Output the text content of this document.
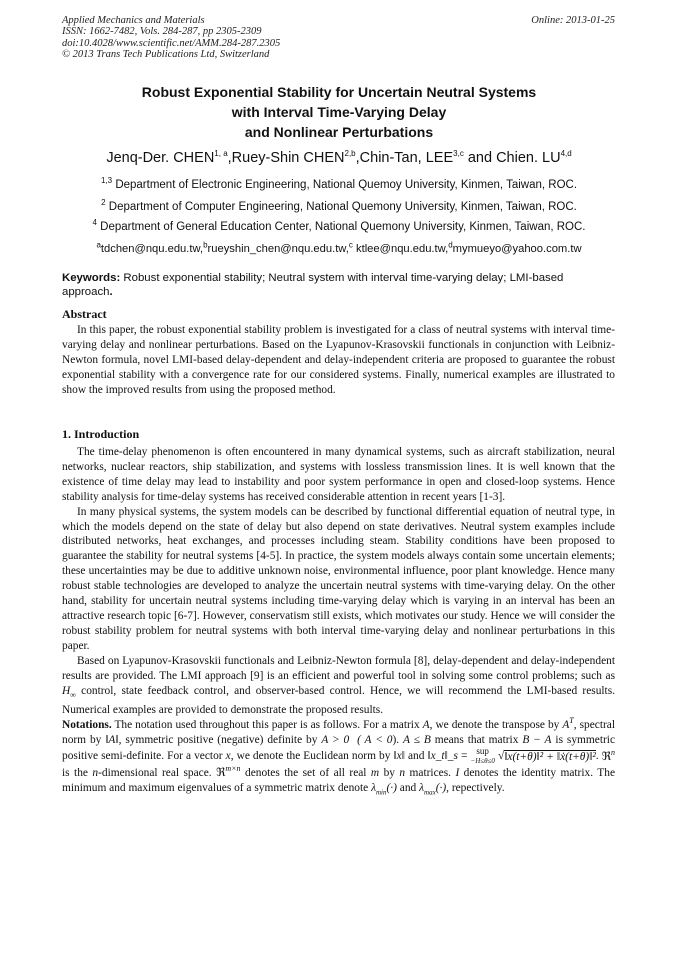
Applied Mechanics and Materials
ISSN: 1662-7482, Vols. 284-287, pp 2305-2309
doi:10.4028/www.scientific.net/AMM.284-287.2305
© 2013 Trans Tech Publications Ltd, Switzerland
Online: 2013-01-25
Robust Exponential Stability for Uncertain Neutral Systems
with Interval Time-Varying Delay
and Nonlinear Perturbations
Jenq-Der. CHEN$^{1, a}$,Ruey-Shin CHEN$^{2,b}$,Chin-Tan, LEE$^{3,c}$ and Chien. LU$^{4,d}$
$^{1,3}$ Department of Electronic Engineering, National Quemoy University, Kinmen, Taiwan, ROC.
$^2$ Department of Computer Engineering, National Quemony University, Kinmen, Taiwan, ROC.
$^4$ Department of General Education Center, National Quemony University, Kinmen, Taiwan, ROC.
$^a$tdchen@nqu.edu.tw,$^b$rueyshin_chen@nqu.edu.tw,$^c$ ktlee@nqu.edu.tw,$^d$mymueyo@yahoo.com.tw
Keywords: Robust exponential stability; Neutral system with interval time-varying delay; LMI-based approach.
Abstract

In this paper, the robust exponential stability problem is investigated for a class of neutral systems with interval time-varying delay and nonlinear perturbations. Based on the Lyapunov-Krasovskii functionals in conjunction with Leibniz-Newton formula, novel LMI-based delay-dependent and delay-independent criteria are proposed to guarantee the robust exponential stability with a convergence rate for our considered systems. Finally, numerical examples are illustrated to show the improved results from using the proposed method.

1. Introduction

The time-delay phenomenon is often encountered in many dynamical systems, such as aircraft stabilization, neural networks, nuclear reactors, ship stabilization, and systems with lossless transmission lines. It is well known that the existence of time delay may lead to instability and poor system performance in open and closed-loop systems. Hence stability analysis for time-delay systems has received considerable attention in recent years [1-3].

In many physical systems, the system models can be described by functional differential equation of neutral type, in which the models depend on the state of delay but also depend on state derivatives. Neutral system examples include distributed networks, heat exchanges, and processes including steam. Stability conditions have been proposed to guarantee the stability for neutral systems [4-5]. In practice, the system models always contain some uncertain elements; these uncertainties may be due to additive unknown noise, environmental influence, poor plant knowledge. Hence many robust stable technologies are developed to analyze the uncertain neutral systems with time-varying delay. On the other hand, stability for uncertain neutral systems including time-varying delay which is varying in an interval has been an attractive research topic [6-7]. However, conservatism still exists, which motivates our study. Hence we will consider the robust stability problem for neutral systems with both interval time-varying delay and nonlinear perturbations in this paper.

Based on Lyapunov-Krasovskii functionals and Leibniz-Newton formula [8], delay-dependent and delay-independent results are provided. The LMI approach [9] is an efficient and powerful tool in solving some control problems; such as $H_\infty$ control, state feedback control, and observer-based control. Hence, we will recommend the LMI-based results. Numerical examples are provided to demonstrate the proposed results.

Notations. The notation used throughout this paper is as follows. For a matrix A, we denote the transpose by $A^T$, spectral norm by ‖A‖, symmetric positive (negative) definite by A > 0 ( A < 0). A ≤ B means that matrix B − A is symmetric positive semi-definite. For a vector x, we denote the Euclidean norm by ‖x‖ and ‖x_t‖_s = sup
−H≤θ≤0 √‖x(t+θ)‖² + ‖ẋ(t+θ)‖². ℜ$^n$ is the n-dimensional real space. ℜ$^{m\times n}$ denotes the set of all real m by n matrices. I denotes the identity matrix. The minimum and maximum eigenvalues of a symmetric matrix denote $\lambda_{min}(\cdot)$ and $\lambda_{max}(\cdot)$, repectively.
